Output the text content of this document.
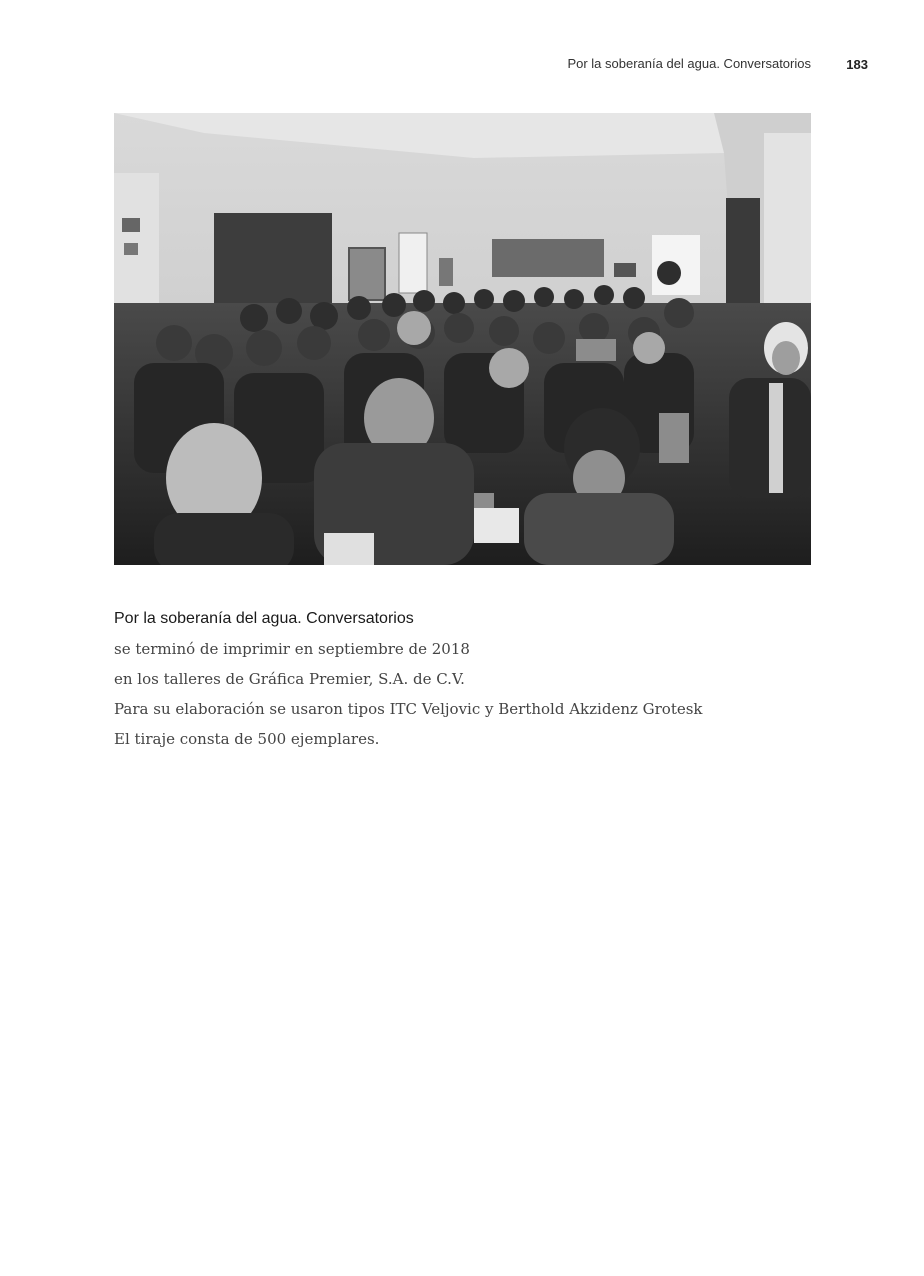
Por la soberanía del agua. Conversatorios	183
Por la soberanía del agua. Conversatorios
se terminó de imprimir en septiembre de 2018
en los talleres de Gráfica Premier, S.A. de C.V.
Para su elaboración se usaron tipos ITC Veljovic y Berthold Akzidenz Grotesk
El tiraje consta de 500 ejemplares.
